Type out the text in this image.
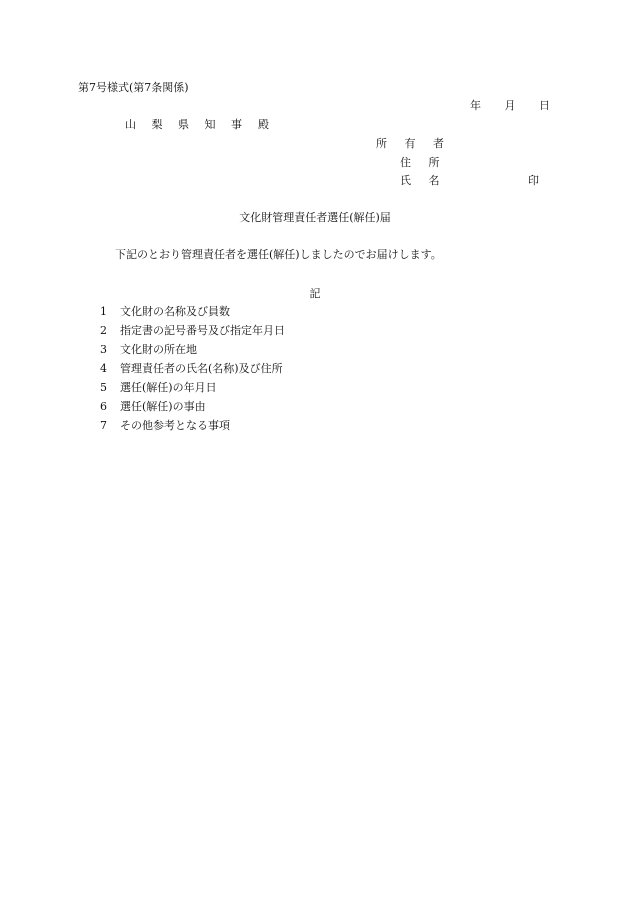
第7号様式(第7条関係)
年 月 日
山 梨 県 知 事 殿
所 有 者
住 所
氏 名	印
文化財管理責任者選任(解任)届
下記のとおり管理責任者を選任(解任)しましたのでお届けします。
記
1	文化財の名称及び員数
2	指定書の記号番号及び指定年月日
3	文化財の所在地
4	管理責任者の氏名(名称)及び住所
5	選任(解任)の年月日
6	選任(解任)の事由
7	その他参考となる事項
